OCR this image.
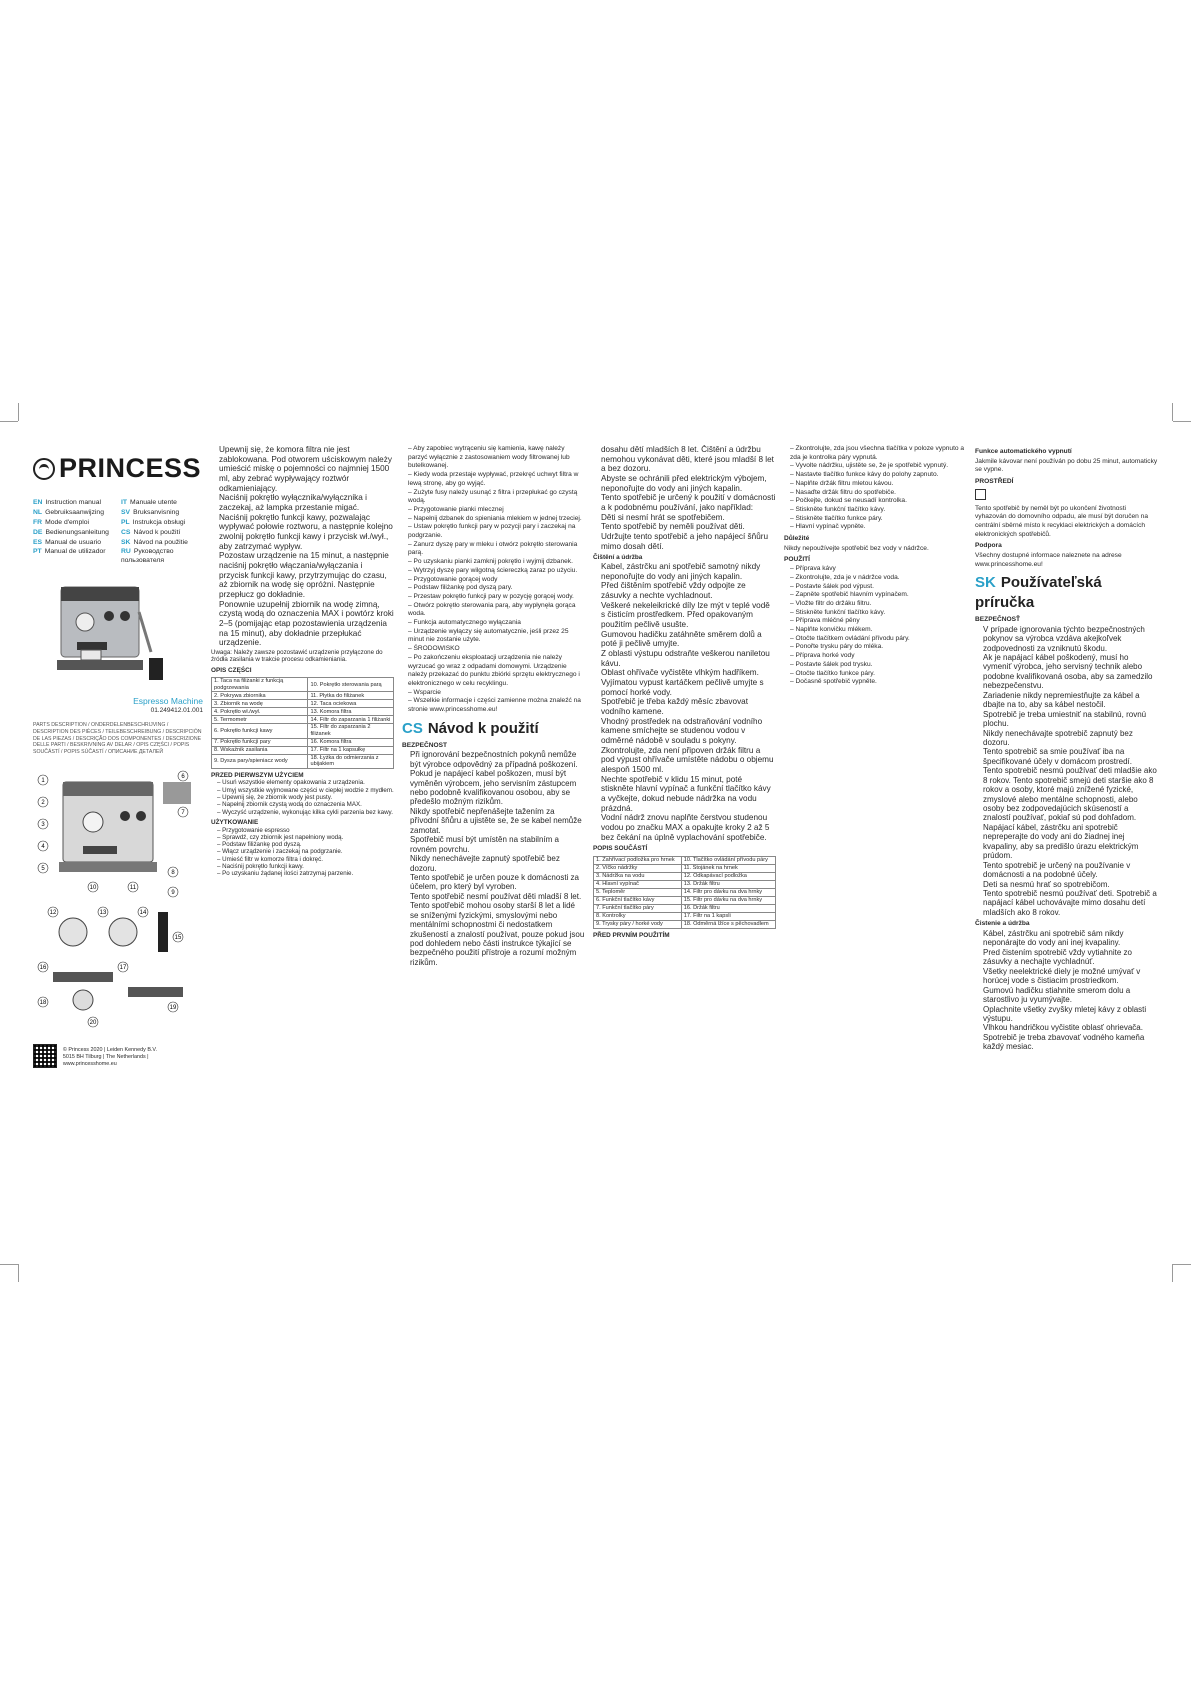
PRINCESS
EN Instruction manual	IT Manuale utente
NL Gebruiksaanwijzing	SV Bruksanvisning
FR Mode d'emploi	PL Instrukcja obsługi
DE Bedienungsanleitung	CS Návod k použití
ES Manual de usuario	SK Návod na použitie
PT Manual de utilizador	RU Руководство пользователя
Espresso Machine
01.249412.01.001
PARTS DESCRIPTION / ONDERDELENBESCHRIJVING / DESCRIPTION DES PIÈCES / TEILEBESCHREIBUNG / DESCRIPCIÓN DE LAS PIEZAS / DESCRIÇÃO DOS COMPONENTES / DESCRIZIONE DELLE PARTI / BESKRIVNING AV DELAR / OPIS CZĘŚCI / POPIS SOUČÁSTÍ / POPIS SÚČASTÍ / ОПИСАНИЕ ДЕТАЛЕЙ
1
2
3
4
5
6
7
8
9
10	11
12	13	14
15
16	17
18
19
20
© Princess 2020 | Leiden Kennedy B.V.
5015 BH Tilburg | The Netherlands | www.princesshome.eu
• Upewnij się, że komora filtra nie jest zablokowana. Pod otworem uściskowym należy umieścić miskę o pojemności co najmniej 1500 ml, aby zebrać wypływający roztwór odkamieniający.
• Naciśnij pokrętło wyłącznika/wyłącznika i zaczekaj, aż lampka przestanie migać.
• Naciśnij pokrętło funkcji kawy, pozwalając wypływać połowie roztworu, a następnie kolejno zwolnij pokrętło funkcji kawy i przycisk wł./wył., aby zatrzymać wypływ.
• Pozostaw urządzenie na 15 minut, a następnie naciśnij pokrętło włączania/wyłączania i przycisk funkcji kawy, przytrzymując do czasu, aż zbiornik na wodę się opróżni. Następnie przepłucz go dokładnie.
• Ponownie uzupełnij zbiornik na wodę zimną, czystą wodą do oznaczenia MAX i powtórz kroki 2–5 (pomijając etap pozostawienia urządzenia na 15 minut), aby dokładnie przepłukać urządzenie.
Uwaga: Należy zawsze pozostawić urządzenie przyłączone do źródła zasilania w trakcie procesu odkamieniania.
OPIS CZĘŚCI
1. Taca na filiżanki z funkcją podgrzewania	10. Pokrętło sterowania parą
2. Pokrywa zbiornika	11. Płytka do filiżanek
3. Zbiornik na wodę	12. Taca ociekowa
4. Pokrętło wł./wył.	13. Komora filtra
5. Termometr	14. Filtr do zaparzania 1 filiżanki
6. Pokrętło funkcji kawy	15. Filtr do zaparzania 2 filiżanek
7. Pokrętło funkcji pary	16. Komora filtra
8. Wskaźnik zasilania	17. Filtr na 1 kapsułkę
9. Dysza pary/spieniacz wody	18. Łyżka do odmierzania z ubijakiem
PRZED PIERWSZYM UŻYCIEM
– Usuń wszystkie elementy opakowania z urządzenia.
– Umyj wszystkie wyjmowane części w ciepłej wodzie z mydłem.
– Upewnij się, że zbiornik wody jest pusty.
– Napełnij zbiornik czystą wodą do oznaczenia MAX.
– Wyczyść urządzenie, wykonując kilka cykli parzenia bez kawy.
UŻYTKOWANIE
– Przygotowanie espresso
– Sprawdź, czy zbiornik jest napełniony wodą.
– Podstaw filiżankę pod dyszą.
– Włącz urządzenie i zaczekaj na podgrzanie.
– Umieść filtr w komorze filtra i dokręć.
– Naciśnij pokrętło funkcji kawy.
– Po uzyskaniu żądanej ilości zatrzymaj parzenie.
– Aby zapobiec wytrąceniu się kamienia, kawę należy parzyć wyłącznie z zastosowaniem wody filtrowanej lub butelkowanej.
– Kiedy woda przestaje wypływać, przekręć uchwyt filtra w lewą stronę, aby go wyjąć.
– Zużyte fusy należy usunąć z filtra i przepłukać go czystą wodą.
– Przygotowanie pianki mlecznej
– Napełnij dzbanek do spieniania mlekiem w jednej trzeciej.
– Ustaw pokrętło funkcji pary w pozycji pary i zaczekaj na podgrzanie.
– Zanurz dyszę pary w mleku i otwórz pokrętło sterowania parą.
– Po uzyskaniu pianki zamknij pokrętło i wyjmij dzbanek.
– Wytrzyj dyszę pary wilgotną ściereczką zaraz po użyciu.
– Przygotowanie gorącej wody
– Podstaw filiżankę pod dyszą pary.
– Przestaw pokrętło funkcji pary w pozycję gorącej wody.
– Otwórz pokrętło sterowania parą, aby wypłynęła gorąca woda.
– Funkcja automatycznego wyłączania
– Urządzenie wyłączy się automatycznie, jeśli przez 25 minut nie zostanie użyte.
– ŚRODOWISKO
– Po zakończeniu eksploatacji urządzenia nie należy wyrzucać go wraz z odpadami domowymi. Urządzenie należy przekazać do punktu zbiórki sprzętu elektrycznego i elektronicznego w celu recyklingu.
– Wsparcie
– Wszelkie informacje i części zamienne można znaleźć na stronie www.princesshome.eu!
CS Návod k použití
BEZPEČNOST
• Při ignorování bezpečnostních pokynů nemůže být výrobce odpovědný za případná poškození.
• Pokud je napájecí kabel poškozen, musí být vyměněn výrobcem, jeho servisním zástupcem nebo podobně kvalifikovanou osobou, aby se předešlo možným rizikům.
• Nikdy spotřebič nepřenášejte tažením za přívodní šňůru a ujistěte se, že se kabel nemůže zamotat.
• Spotřebič musí být umístěn na stabilním a rovném povrchu.
• Nikdy nenechávejte zapnutý spotřebič bez dozoru.
• Tento spotřebič je určen pouze k domácnosti za účelem, pro který byl vyroben.
• Tento spotřebič nesmí používat děti mladší 8 let. Tento spotřebič mohou osoby starší 8 let a lidé se sníženými fyzickými, smyslovými nebo mentálními schopnostmi či nedostatkem zkušeností a znalostí používat, pouze pokud jsou pod dohledem nebo části instrukce týkající se bezpečného použití přístroje a rozumí možným rizikům.
• dosahu dětí mladších 8 let. Čištění a údržbu nemohou vykonávat děti, které jsou mladší 8 let a bez dozoru.
• Abyste se ochránili před elektrickým výbojem, neponořujte do vody ani jiných kapalin.
• Tento spotřebič je určený k použití v domácnosti a k podobnému používání, jako například:
• Děti si nesmí hrát se spotřebičem.
• Tento spotřebič by neměli používat děti. Udržujte tento spotřebič a jeho napájecí šňůru mimo dosah dětí.
Čištění a údržba
• Kabel, zástrčku ani spotřebič samotný nikdy neponořujte do vody ani jiných kapalin.
• Před čištěním spotřebič vždy odpojte ze zásuvky a nechte vychladnout.
• Veškeré nekeleikrické díly lze mýt v teplé vodě s čisticím prostředkem. Před opakovaným použitím pečlivě usušte.
• Gumovou hadičku zatáhněte směrem dolů a poté ji pečlivě umyjte.
• Z oblasti výstupu odstraňte veškerou naniletou kávu.
• Oblast ohřívače vyčistěte vlhkým hadříkem.
• Vyjímatou vypust kartáčkem pečlivě umyjte s pomocí horké vody.
• Spotřebič je třeba každý měsíc zbavovat vodního kamene.
• Vhodný prostředek na odstraňování vodního kamene smíchejte se studenou vodou v odměrné nádobě v souladu s pokyny.
• Zkontrolujte, zda není připoven držák filtru a pod výpust ohřívače umístěte nádobu o objemu alespoň 1500 ml.
• Nechte spotřebič v klidu 15 minut, poté stiskněte hlavní vypínač a funkční tlačítko kávy a vyčkejte, dokud nebude nádržka na vodu prázdná.
• Vodní nádrž znovu naplňte čerstvou studenou vodou po značku MAX a opakujte kroky 2 až 5 bez čekání na úplně vyplachování spotřebiče.
POPIS SOUČÁSTÍ
1. Zahřívací podložka pro hrnek	10. Tlačítko ovládání přívodu páry
2. Víčko nádržky	11. Stojánek na hrnek
3. Nádržka na vodu	12. Odkapávací podložka
4. Hlavní vypínač	13. Držák filtru
5. Teploměr	14. Filtr pro dávku na dva hrnky
6. Funkční tlačítko kávy	15. Filtr pro dávku na dva hrnky
7. Funkční tlačítko páry	16. Držák filtru
8. Kontrolky	17. Filtr na 1 kapsli
9. Trysky páry / horké vody	18. Odměrná lžíce s pěchovadlem
PŘED PRVNÍM POUŽITÍM
– Zkontrolujte, zda jsou všechna tlačítka v poloze vypnuto a zda je kontrolka páry vypnutá.
– Vyvolte nádržku, ujistěte se, že je spotřebič vypnutý.
– Nastavte tlačítko funkce kávy do polohy zapnuto.
– Naplňte držák filtru mletou kávou.
– Nasaďte držák filtru do spotřebiče.
– Počkejte, dokud se neusadí kontrolka.
– Stiskněte funkční tlačítko kávy.
– Stiskněte tlačítko funkce páry.
– Hlavní vypínač vypněte.
Důležité
Nikdy nepoužívejte spotřebič bez vody v nádržce.
POUŽITÍ
– Příprava kávy
– Zkontrolujte, zda je v nádržce voda.
– Postavte šálek pod výpust.
– Zapněte spotřebič hlavním vypínačem.
– Vložte filtr do držáku filtru.
– Stiskněte funkční tlačítko kávy.
– Příprava mléčné pěny
– Naplňte konvičku mlékem.
– Otočte tlačítkem ovládání přívodu páry.
– Ponořte trysku páry do mléka.
– Příprava horké vody
– Postavte šálek pod trysku.
– Otočte tlačítko funkce páry.
– Dočasně spotřebič vypněte.
Funkce automatického vypnutí
Jakmile kávovar není používán po dobu 25 minut, automaticky se vypne.
PROSTŘEDÍ
Tento spotřebič by neměl být po ukončení životnosti vyhazován do domovního odpadu, ale musí být doručen na centrální sběrné místo k recyklaci elektrických a domácích elektronických spotřebičů.
Podpora
Všechny dostupné informace naleznete na adrese www.princesshome.eu!
SK Používateľská príručka
BEZPEČNOSŤ
• V prípade ignorovania týchto bezpečnostných pokynov sa výrobca vzdáva akejkoľvek zodpovednosti za vzniknutú škodu.
• Ak je napájací kábel poškodený, musí ho vymeniť výrobca, jeho servisný technik alebo podobne kvalifikovaná osoba, aby sa zamedzilo nebezpečenstvu.
• Zariadenie nikdy nepremiestňujte za kábel a dbajte na to, aby sa kábel nestočil.
• Spotrebič je treba umiestniť na stabilnú, rovnú plochu.
• Nikdy nenechávajte spotrebič zapnutý bez dozoru.
• Tento spotrebič sa smie používať iba na špecifikované účely v domácom prostredí.
• Tento spotrebič nesmú používať deti mladšie ako 8 rokov. Tento spotrebič smejú deti staršie ako 8 rokov a osoby, ktoré majú znížené fyzické, zmyslové alebo mentálne schopnosti, alebo osoby bez zodpovedajúcich skúseností a znalostí používať, pokiaľ sú pod dohľadom.
• Napájací kábel, zástrčku ani spotrebič nepreperajte do vody ani do žiadnej inej kvapaliny, aby sa predišlo úrazu elektrickým prúdom.
• Tento spotrebič je určený na používanie v domácnosti a na podobné účely.
• Deti sa nesmú hrať so spotrebičom.
• Tento spotrebič nesmú používať deti. Spotrebič a napájací kábel uchovávajte mimo dosahu detí mladších ako 8 rokov.
Čistenie a údržba
• Kábel, zástrčku ani spotrebič sám nikdy neponárajte do vody ani inej kvapaliny.
• Pred čistením spotrebič vždy vytiahnite zo zásuvky a nechajte vychladnúť.
• Všetky neelektrické diely je možné umývať v horúcej vode s čistiacim prostriedkom.
• Gumovú hadičku stiahnite smerom dolu a starostlivo ju vyumývajte.
• Oplachnite všetky zvyšky mletej kávy z oblasti výstupu.
• Vlhkou handričkou vyčistite oblasť ohrievača.
• Spotrebič je treba zbavovať vodného kameňa každý mesiac.
